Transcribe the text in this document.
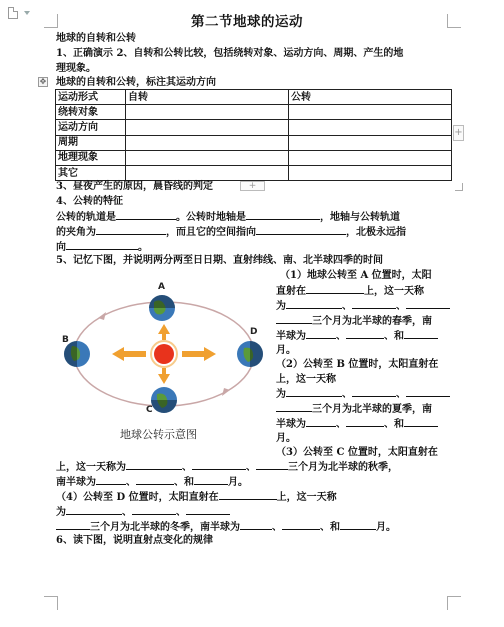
第二节地球的运动
地球的自转和公转
1、正确演示 2、自转和公转比较，包括绕转对象、运动方向、周期、产生的地
理现象。
✥ 地球的自转和公转，标注其运动方向
运动形式	自转	公转
绕转对象		
运动方向		
周期		
地理现象		
其它		
+
+
3、昼夜产生的原因，晨昏线的判定
4、公转的特征
公转的轨道是	。公转时地轴是	，地轴与公转轨道
的夹角为	，而且它的空间指向	，北极永远指
向	。
5、记忆下图，并说明两分两至日日期、直射纬线、南、北半球四季的时间
A
B
C
D
地球公转示意图
（1）地球公转至 A 位置时，太阳
直射在	上，这一天称
为	、	、
三个月为北半球的春季，南
半球为	、	、和
月。
（2）公转至 B 位置时，太阳直射在
上，这一天称
为	、	、
三个月为北半球的夏季，南
半球为	、	、和
月。
（3）公转至 C 位置时，太阳直射在
上，这一天称为	、	、	三个月为北半球的秋季，
南半球为	、	、和	月。
（4）公转至 D 位置时，太阳直射在	上，这一天称
为	、	、
三个月为北半球的冬季，南半球为	、	、和	月。
6、读下图，说明直射点变化的规律
